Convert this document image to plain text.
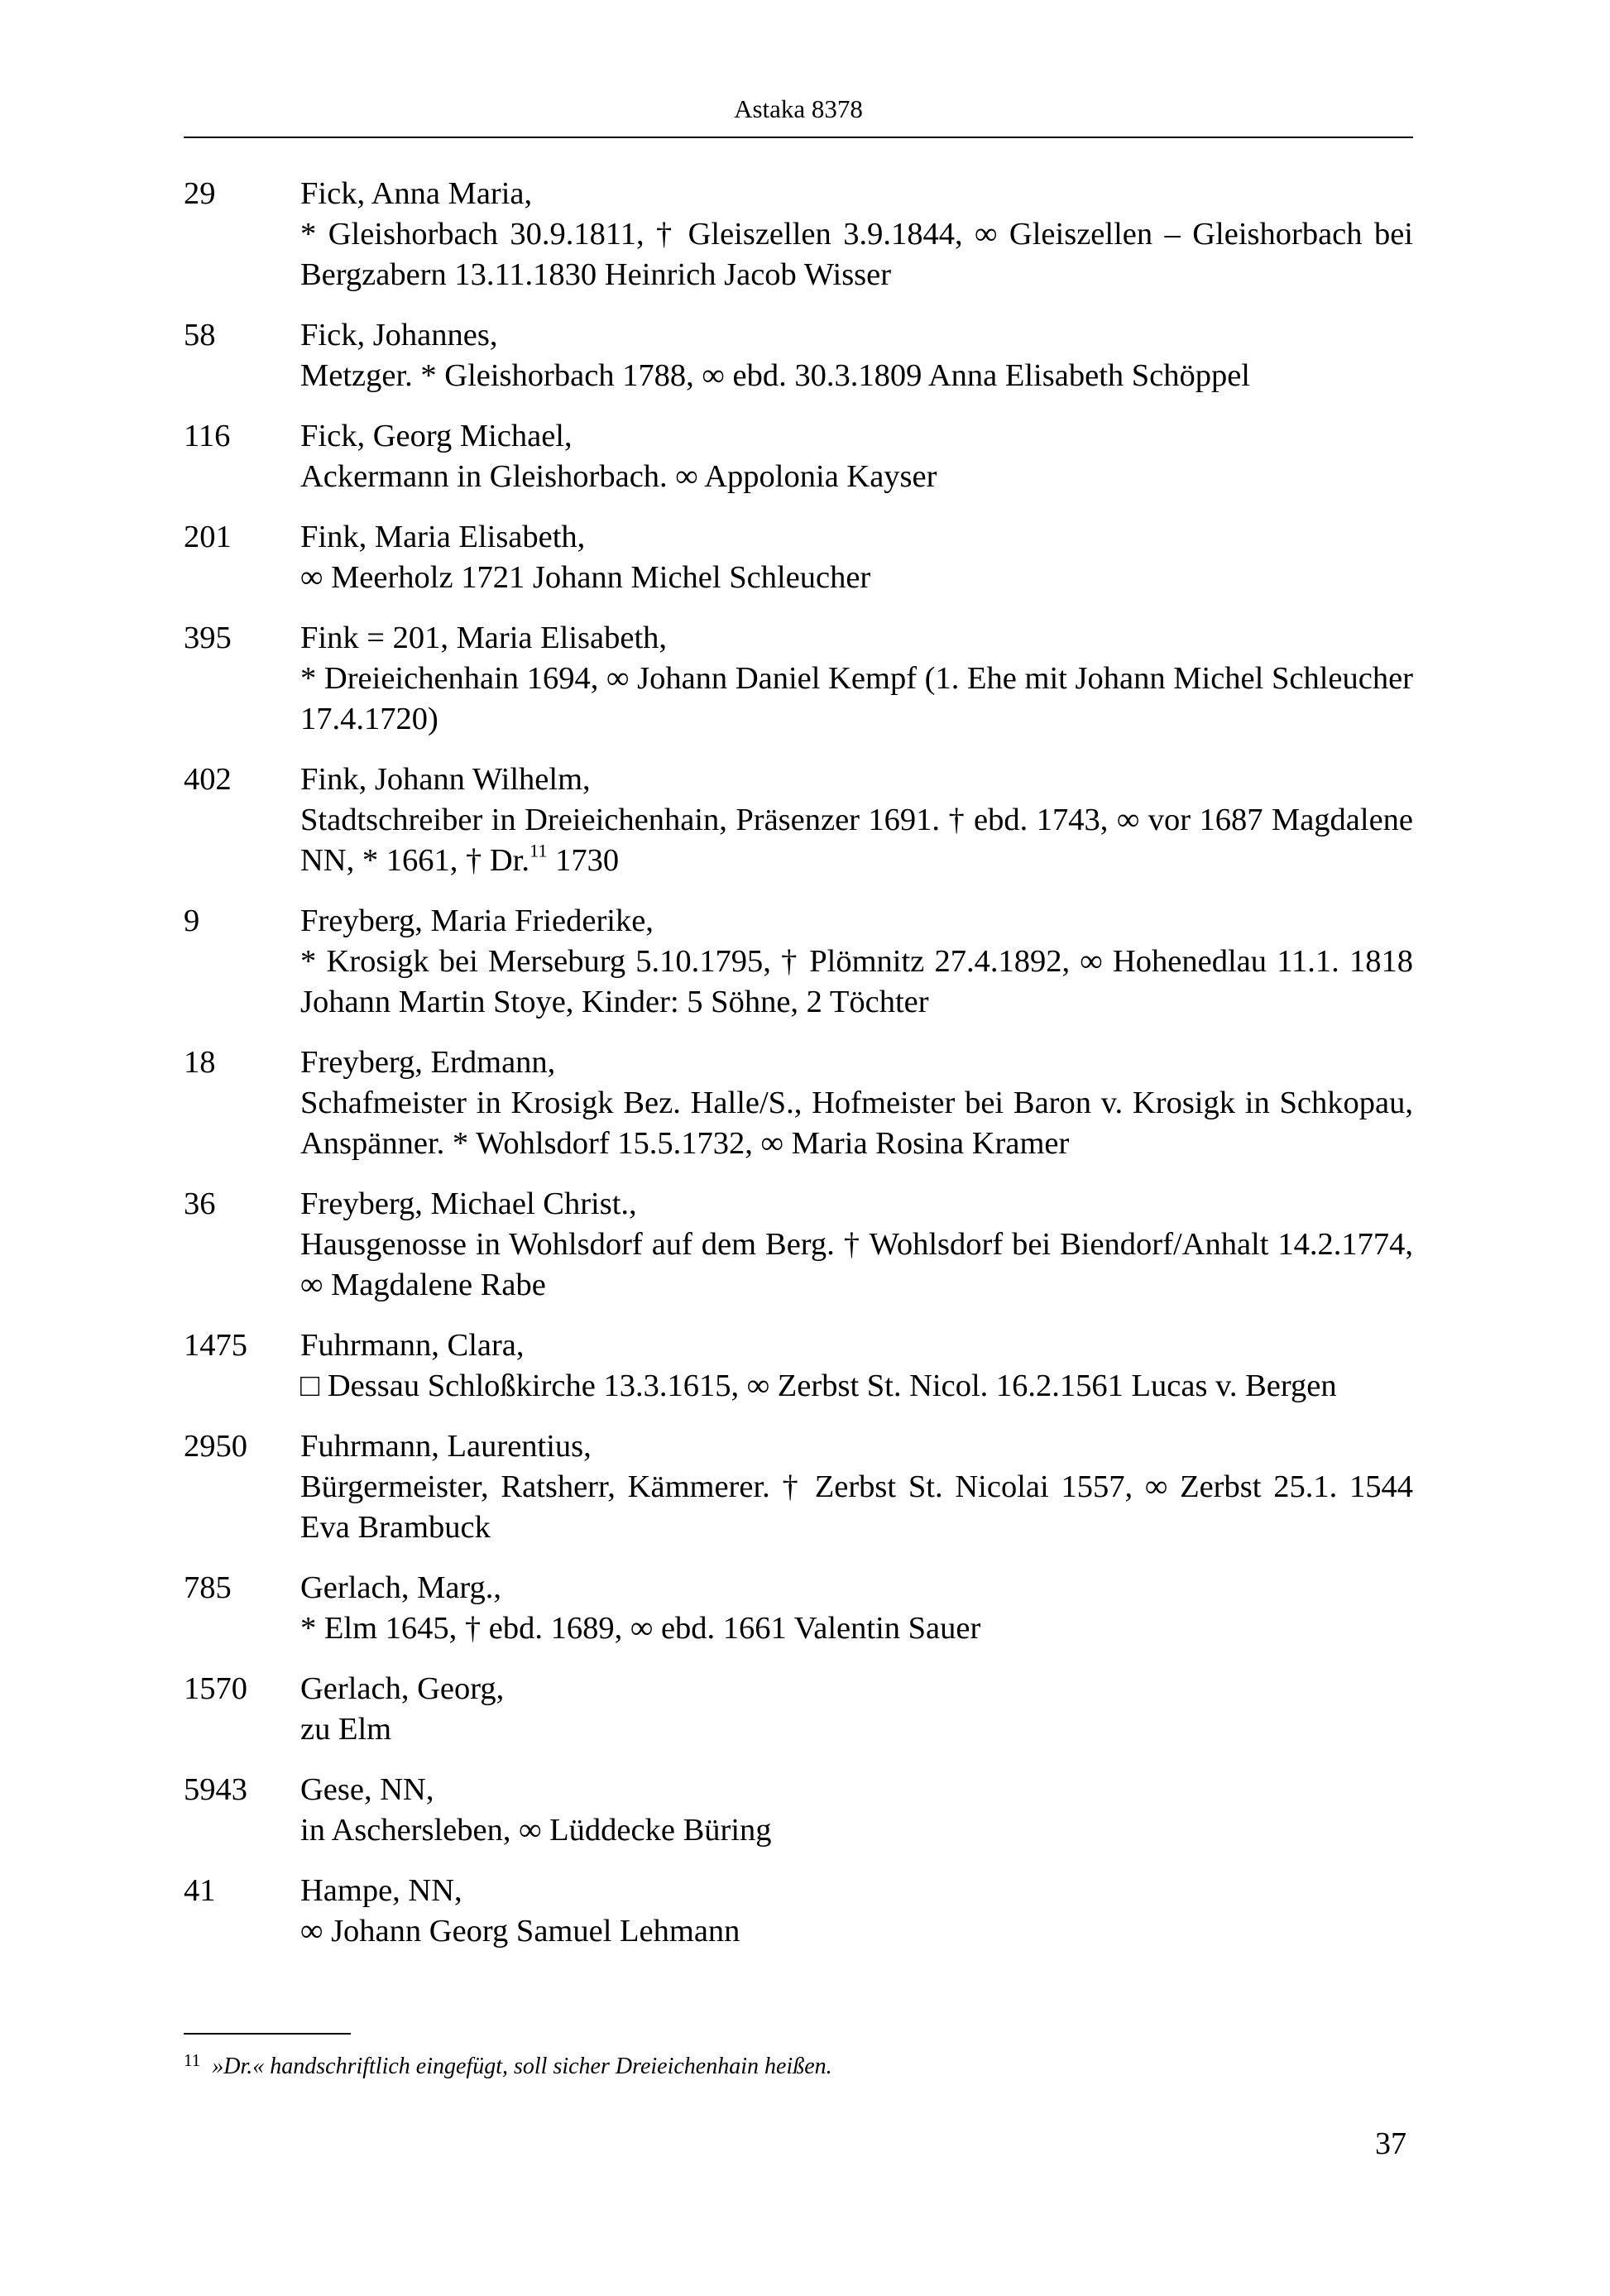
Astaka 8378
29	Fick, Anna Maria,
* Gleishorbach 30.9.1811, † Gleiszellen 3.9.1844, ∞ Gleiszellen – Gleishorbach bei Bergzabern 13.11.1830 Heinrich Jacob Wisser
58	Fick, Johannes,
Metzger. * Gleishorbach 1788, ∞ ebd. 30.3.1809 Anna Elisabeth Schöppel
116	Fick, Georg Michael,
Ackermann in Gleishorbach. ∞ Appolonia Kayser
201	Fink, Maria Elisabeth,
∞ Meerholz 1721 Johann Michel Schleucher
395	Fink = 201, Maria Elisabeth,
* Dreieichenhain 1694, ∞ Johann Daniel Kempf (1. Ehe mit Johann Michel Schleucher 17.4.1720)
402	Fink, Johann Wilhelm,
Stadtschreiber in Dreieichenhain, Präsenzer 1691. † ebd. 1743, ∞ vor 1687 Magdalene NN, * 1661, † Dr.$^{11}$ 1730
9	Freyberg, Maria Friederike,
* Krosigk bei Merseburg 5.10.1795, † Plömnitz 27.4.1892, ∞ Hohenedlau 11.1. 1818 Johann Martin Stoye, Kinder: 5 Söhne, 2 Töchter
18	Freyberg, Erdmann,
Schafmeister in Krosigk Bez. Halle/S., Hofmeister bei Baron v. Krosigk in Schkopau, Anspänner. * Wohlsdorf 15.5.1732, ∞ Maria Rosina Kramer
36	Freyberg, Michael Christ.,
Hausgenosse in Wohlsdorf auf dem Berg. † Wohlsdorf bei Biendorf/Anhalt 14.2.1774, ∞ Magdalene Rabe
1475	Fuhrmann, Clara,
□ Dessau Schloßkirche 13.3.1615, ∞ Zerbst St. Nicol. 16.2.1561 Lucas v. Bergen
2950	Fuhrmann, Laurentius,
Bürgermeister, Ratsherr, Kämmerer. † Zerbst St. Nicolai 1557, ∞ Zerbst 25.1. 1544 Eva Brambuck
785	Gerlach, Marg.,
* Elm 1645, † ebd. 1689, ∞ ebd. 1661 Valentin Sauer
1570	Gerlach, Georg,
zu Elm
5943	Gese, NN,
in Aschersleben, ∞ Lüddecke Büring
41	Hampe, NN,
∞ Johann Georg Samuel Lehmann
$^{11}$ »Dr.« handschriftlich eingefügt, soll sicher Dreieichenhain heißen.
37
